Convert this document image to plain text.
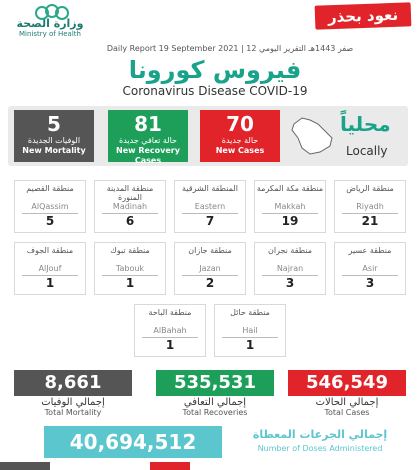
وزارة الصحة
Ministry of Health
نعود بحذر
Daily Report 19 September 2021 | 12 صفر 1443هـ التقرير اليومي
فيروس كورونا
Coronavirus Disease COVID-19
5
الوفيات الجديدة
New Mortality
81
حالة تعافي جديدة
New Recovery Cases
70
حالة جديدة
New Cases
محلياً
Locally
منطقة القصيم
AlQassim
5
منطقة المدينة المنورة
Madinah
6
المنطقة الشرقية
Eastern
7
منطقة مكة المكرمة
Makkah
19
منطقة الرياض
Riyadh
21
منطقة الجوف
AlJouf
1
منطقة تبوك
Tabouk
1
منطقة جازان
Jazan
2
منطقة نجران
Najran
3
منطقة عسير
Asir
3
منطقة الباحة
AlBahah
1
منطقة حائل
Hail
1
8,661
إجمالي الوفيات
Total Mortality
535,531
إجمالي التعافي
Total Recoveries
546,549
إجمالي الحالات
Total Cases
40,694,512	إجمالي الجرعات المعطاة
Number of Doses Administered
